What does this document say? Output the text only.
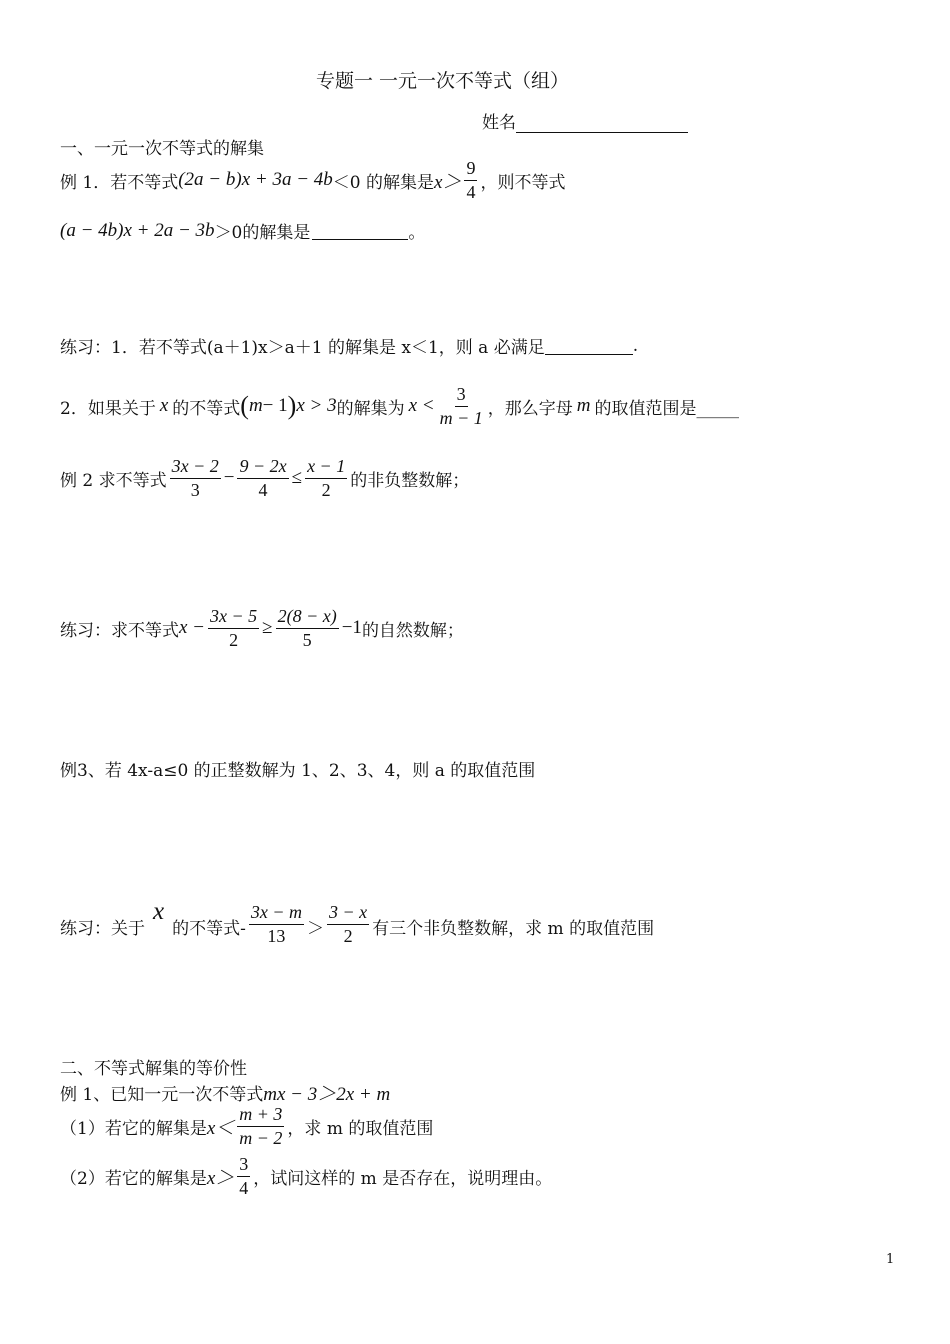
专题一 一元一次不等式（组）
姓名
一、一元一次不等式的解集
例 1．若不等式 (2a − b)x + 3a − 4b ＜0 的解集是 $x> \frac{9}{4}$ ，则不等式
(a − 4b)x + 2a − 3b ＞0的解集是	。
练习：1．若不等式(a＋1)x＞a＋1 的解集是 x＜1，则 a 必满足	.
2．如果关于 x 的不等式 ( m − 1 ) x > 3 的解集为 $x < \frac{3}{m - 1}$ ，那么字母 m 的取值范围是_____
例 2 求不等式 $\frac{3x - 2}{3} - \frac{9 - 2x}{4} \le \frac{x - 1}{2}$ 的非负整数解；
练习：求不等式 $x - \frac{3x - 5}{2} \ge \frac{2(8 - x)}{5} -1$ 的自然数解；
例3、若 4x-a≤0 的正整数解为 1、2、3、4，则 a 的取值范围
练习：关于
x
的不等式- $\frac{3x - m}{13} > \frac{3 - x}{2}$ 有三个非负整数解，求 m 的取值范围
二、不等式解集的等价性
例 1、已知一元一次不等式 mx − 3＞2x + m
（1）若它的解集是 $x< \frac{m + 3}{m - 2}$ ，求 m 的取值范围
（2）若它的解集是 $x> \frac{3}{4}$ ，试问这样的 m 是否存在，说明理由。
1
